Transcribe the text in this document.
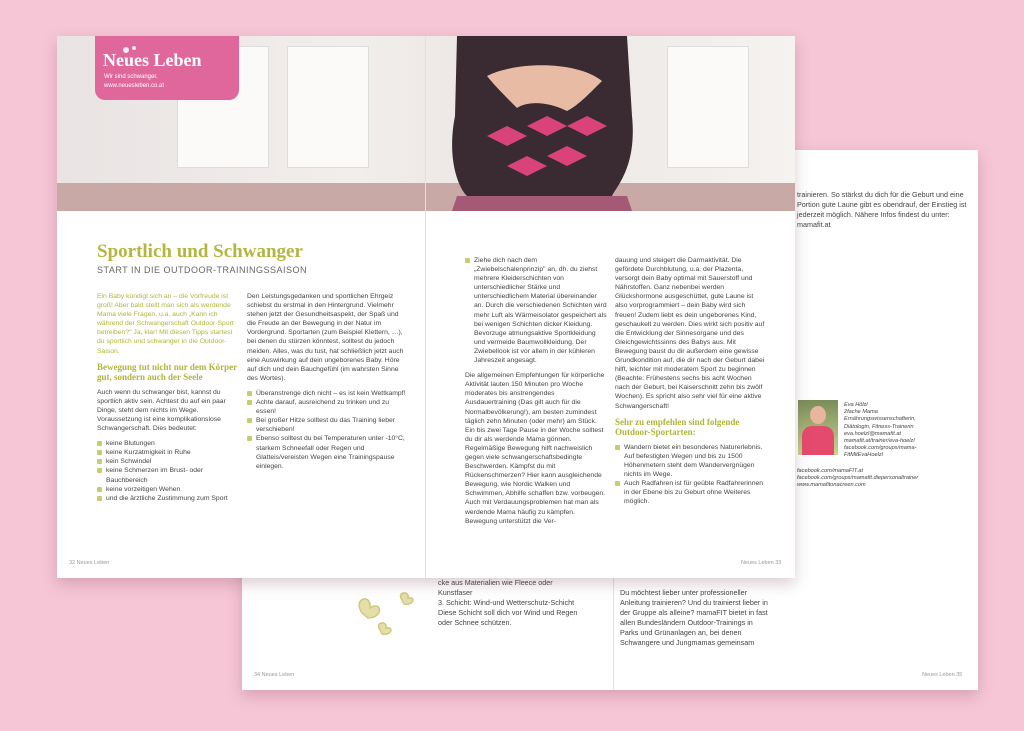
trainieren. So stärkst du dich für die Geburt und eine Portion gute Laune gibt es obendrauf, der Einstieg ist jederzeit möglich. Nähere Infos findest du unter: mamafit.at
Eva Hölzl
2fache Mama
Ernährungswissenschafterin,
Diätologin, Fitness-Trainerin
eva.hoelzl@mamafit.at
mamafit.at/trainer/eva-hoelzl
facebook.com/groups/mama-
FitMitEvaHoelzl
facebook.com/mamaFIT.at
facebook.com/groups/mamafit.diepersonaltrainer
www.mamafitonacreen.com
cke aus Materialien wie Fleece oder Kunstfaser
3. Schicht: Wind-und Wetterschutz-Schicht Diese Schicht soll dich vor Wind und Regen oder Schnee schützen.
Du möchtest lieber unter professioneller Anleitung trainieren? Und du trainierst lieber in der Gruppe als alleine? mamaFIT bietet in fast allen Bundesländern Outdoor-Trainings in Parks und Grünanlagen an, bei denen Schwangere und Jungmamas gemeinsam
34 Neues Leben	Neues Leben 35
Neues Leben
Wir sind schwanger.
www.neuesleben.co.at
Sportlich und Schwanger
START IN DIE OUTDOOR-TRAININGSSAISON

Ein Baby kündigt sich an – die Vorfreude ist groß! Aber bald stellt man sich als werdende Mama viele Fragen, u.a. auch „Kann ich während der Schwangerschaft Outdoor-Sport betreiben?" Ja, klar! Mit diesen Tipps startest du sportlich und schwanger in die Outdoor-Saison.

Bewegung tut nicht nur dem Körper gut, sondern auch der Seele

Auch wenn du schwanger bist, kannst du sportlich aktiv sein. Achtest du auf ein paar Dinge, steht dem nichts im Wege. Voraussetzung ist eine komplikationslose Schwangerschaft. Dies bedeutet:

keine Blutungen
keine Kurzatmigkeit in Ruhe
kein Schwindel
keine Schmerzen im Brust- oder Bauchbereich
keine vorzeitigen Wehen
und die ärztliche Zustimmung zum Sport

Den Leistungsgedanken und sportlichen Ehrgeiz schiebst du erstmal in den Hintergrund. Vielmehr stehen jetzt der Gesundheitsaspekt, der Spaß und die Freude an der Bewegung in der Natur im Vordergrund. Sportarten (zum Beispiel Klettern, …), bei denen du stürzen könntest, solltest du jedoch meiden. Alles, was du tust, hat schließlich jetzt auch eine Auswirkung auf dein ungeborenes Baby. Höre auf dich und dein Bauchgefühl (im wahrsten Sinne des Wortes).

Überanstrenge dich nicht – es ist kein Wettkampf!
Achte darauf, ausreichend zu trinken und zu essen!
Bei großer Hitze solltest du das Training lieber verschieben!
Ebenso solltest du bei Temperaturen unter -10°C, starkem Schneefall oder Regen und Glatteis/vereisten Wegen eine Trainingspause einlegen.
Ziehe dich nach dem „Zwiebelschalenprinzip" an, dh. du ziehst mehrere Kleiderschichten von unterschiedlicher Stärke und unterschiedlichem Material übereinander an. Durch die verschiedenen Schichten wird mehr Luft als Wärmeisolator gespeichert als bei wenigen Schichten dicker Kleidung. Bevorzuge atmungsaktive Sportkleidung und vermeide Baumwollkleidung. Der Zwiebellook ist vor allem in der kühleren Jahreszeit angesagt.

Die allgemeinen Empfehlungen für körperliche Aktivität lauten 150 Minuten pro Woche moderates bis anstrengendes Ausdauertraining (Das gilt auch für die Normalbevölkerung!), am besten zumindest täglich zehn Minuten (oder mehr) am Stück. Ein bis zwei Tage Pause in der Woche solltest du dir als werdende Mama gönnen. Regelmäßige Bewegung hilft nachweislich gegen viele schwangerschaftsbedingte Beschwerden. Kämpfst du mit Rückenschmerzen? Hier kann ausgleichende Bewegung, wie Nordic Walken und Schwimmen, Abhilfe schaffen bzw. vorbeugen. Auch mit Verdauungsproblemen hat man als werdende Mama häufig zu kämpfen. Bewegung unterstützt die Ver-

dauung und steigert die Darmaktivität. Die gefördete Durchblutung, u.a. der Plazenta, versorgt dein Baby optimal mit Sauerstoff und Nährstoffen. Ganz nebenbei werden Glückshormone ausgeschüttet, gute Laune ist also vorprogrammiert – dein Baby wird sich freuen! Zudem liebt es dein ungeborenes Kind, geschaukelt zu werden. Dies wirkt sich positiv auf die Entwicklung der Sinnesorgane und des Gleichgewichtssinns des Babys aus. Mit Bewegung baust du dir außerdem eine gewisse Grundkondition auf, die dir nach der Geburt dabei hilft, leichter mit moderatem Sport zu beginnen (Beachte: Frühestens sechs bis acht Wochen nach der Geburt, bei Kaiserschnitt zehn bis zwölf Wochen). Es spricht also sehr viel für eine aktive Schwangerschaft!

Sehr zu empfehlen sind folgende Outdoor-Sportarten:
Wandern bietet ein besonderes Naturerlebnis. Auf befestigten Wegen und bis zu 1500 Höhenmetern steht dem Wandervergnügen nichts im Wege.
Auch Radfahren ist für geübte Radfahrerinnen in der Ebene bis zu Geburt ohne Weiteres möglich.
32 Neues Leben	Neues Leben 33
